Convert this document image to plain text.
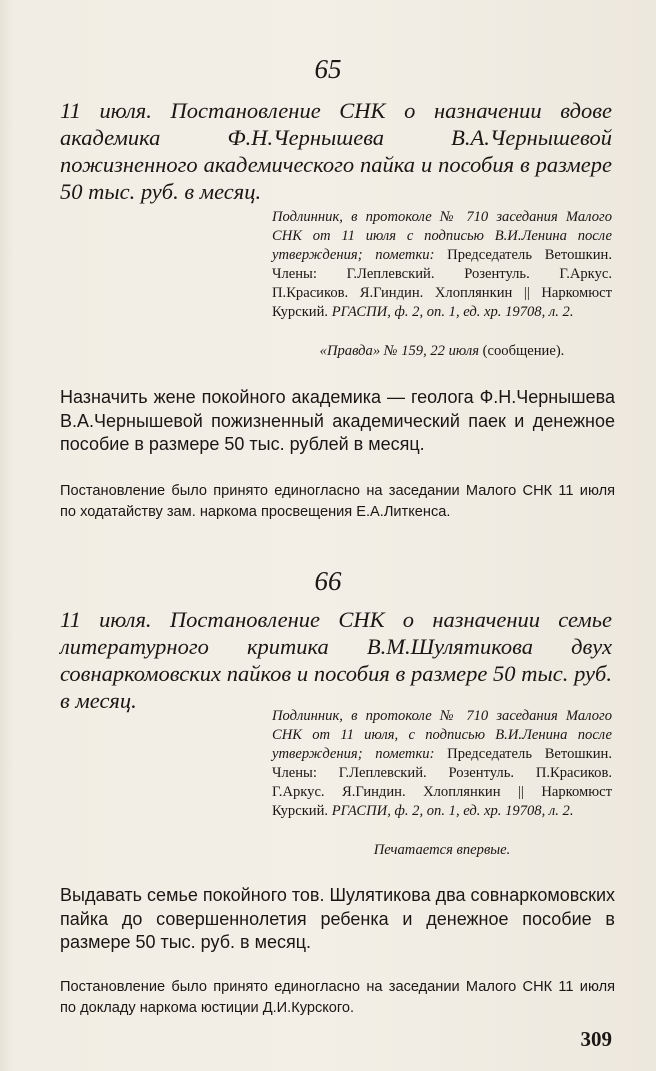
65
11 июля. Постановление СНК о назначении вдове академика Ф.Н.Чернышева В.А.Чернышевой пожизненного академического пайка и пособия в размере 50 тыс. руб. в месяц.
Подлинник, в протоколе № 710 заседания Малого СНК от 11 июля с подписью В.И.Ленина после утверждения; пометки: Председатель Ветошкин. Члены: Г.Леплевский. Розентуль. Г.Аркус. П.Красиков. Я.Гиндин. Хлоплянкин || Наркомюст Курский. РГАСПИ, ф. 2, оп. 1, ед. хр. 19708, л. 2.
«Правда» № 159, 22 июля (сообщение).
Назначить жене покойного академика — геолога Ф.Н.Чернышева В.А.Чернышевой пожизненный академический паек и денежное пособие в размере 50 тыс. рублей в месяц.
Постановление было принято единогласно на заседании Малого СНК 11 июля по ходатайству зам. наркома просвещения Е.А.Литкенса.
66
11 июля. Постановление СНК о назначении семье литературного критика В.М.Шулятикова двух совнаркомовских пайков и пособия в размере 50 тыс. руб. в месяц.
Подлинник, в протоколе № 710 заседания Малого СНК от 11 июля, с подписью В.И.Ленина после утверждения; пометки: Председатель Ветошкин. Члены: Г.Леплевский. Розентуль. П.Красиков. Г.Аркус. Я.Гиндин. Хлоплянкин || Наркомюст Курский. РГАСПИ, ф. 2, оп. 1, ед. хр. 19708, л. 2.
Печатается впервые.
Выдавать семье покойного тов. Шулятикова два совнаркомовских пайка до совершеннолетия ребенка и денежное пособие в размере 50 тыс. руб. в месяц.
Постановление было принято единогласно на заседании Малого СНК 11 июля по докладу наркома юстиции Д.И.Курского.
309
